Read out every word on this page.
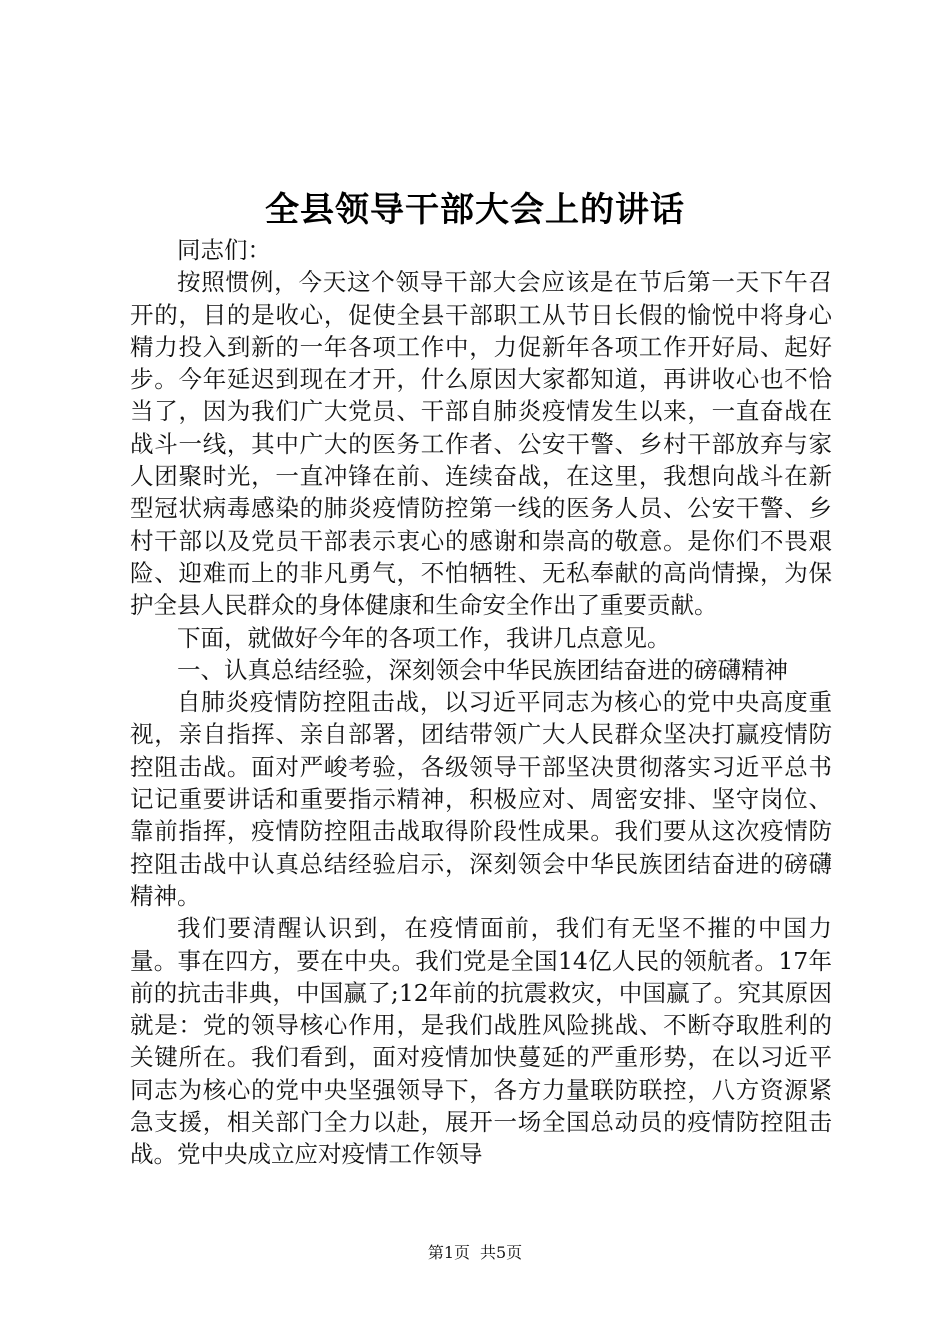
全县领导干部大会上的讲话

同志们：

按照惯例，今天这个领导干部大会应该是在节后第一天下午召开的，目的是收心，促使全县干部职工从节日长假的愉悦中将身心精力投入到新的一年各项工作中，力促新年各项工作开好局、起好步。今年延迟到现在才开，什么原因大家都知道，再讲收心也不恰当了，因为我们广大党员、干部自肺炎疫情发生以来，一直奋战在战斗一线，其中广大的医务工作者、公安干警、乡村干部放弃与家人团聚时光，一直冲锋在前、连续奋战，在这里，我想向战斗在新型冠状病毒感染的肺炎疫情防控第一线的医务人员、公安干警、乡村干部以及党员干部表示衷心的感谢和崇高的敬意。是你们不畏艰险、迎难而上的非凡勇气，不怕牺牲、无私奉献的高尚情操，为保护全县人民群众的身体健康和生命安全作出了重要贡献。

下面，就做好今年的各项工作，我讲几点意见。

一、认真总结经验，深刻领会中华民族团结奋进的磅礴精神

自肺炎疫情防控阻击战，以习近平同志为核心的党中央高度重视，亲自指挥、亲自部署，团结带领广大人民群众坚决打赢疫情防控阻击战。面对严峻考验，各级领导干部坚决贯彻落实习近平总书记记重要讲话和重要指示精神，积极应对、周密安排、坚守岗位、靠前指挥，疫情防控阻击战取得阶段性成果。我们要从这次疫情防控阻击战中认真总结经验启示，深刻领会中华民族团结奋进的磅礴精神。

我们要清醒认识到，在疫情面前，我们有无坚不摧的中国力量。事在四方，要在中央。我们党是全国14亿人民的领航者。17年前的抗击非典，中国赢了;12年前的抗震救灾，中国赢了。究其原因就是：党的领导核心作用，是我们战胜风险挑战、不断夺取胜利的关键所在。我们看到，面对疫情加快蔓延的严重形势，在以习近平同志为核心的党中央坚强领导下，各方力量联防联控，八方资源紧急支援，相关部门全力以赴，展开一场全国总动员的疫情防控阻击战。党中央成立应对疫情工作领导

第1页 共5页
